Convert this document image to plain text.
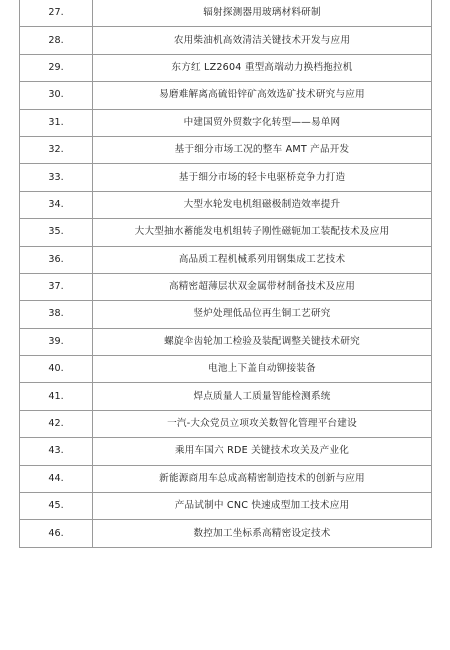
27.	辐射探测器用玻璃材料研制
28.	农用柴油机高效清洁关键技术开发与应用
29.	东方红 LZ2604 重型高端动力换档拖拉机
30.	易磨难解离高硫铅锌矿高效选矿技术研究与应用
31.	中建国贸外贸数字化转型——易单网
32.	基于细分市场工况的整车 AMT 产品开发
33.	基于细分市场的轻卡电驱桥竞争力打造
34.	大型水轮发电机组磁极制造效率提升
35.	大大型抽水蓄能发电机组转子刚性磁轭加工装配技术及应用
36.	高品质工程机械系列用钢集成工艺技术
37.	高精密超薄层状双金属带材制备技术及应用
38.	竖炉处理低品位再生铜工艺研究
39.	螺旋伞齿轮加工检验及装配调整关键技术研究
40.	电池上下盖自动铆接装备
41.	焊点质量人工质量智能检测系统
42.	一汽-大众党员立项攻关数智化管理平台建设
43.	乘用车国六 RDE 关键技术攻关及产业化
44.	新能源商用车总成高精密制造技术的创新与应用
45.	产品试制中 CNC 快速成型加工技术应用
46.	数控加工坐标系高精密设定技术
